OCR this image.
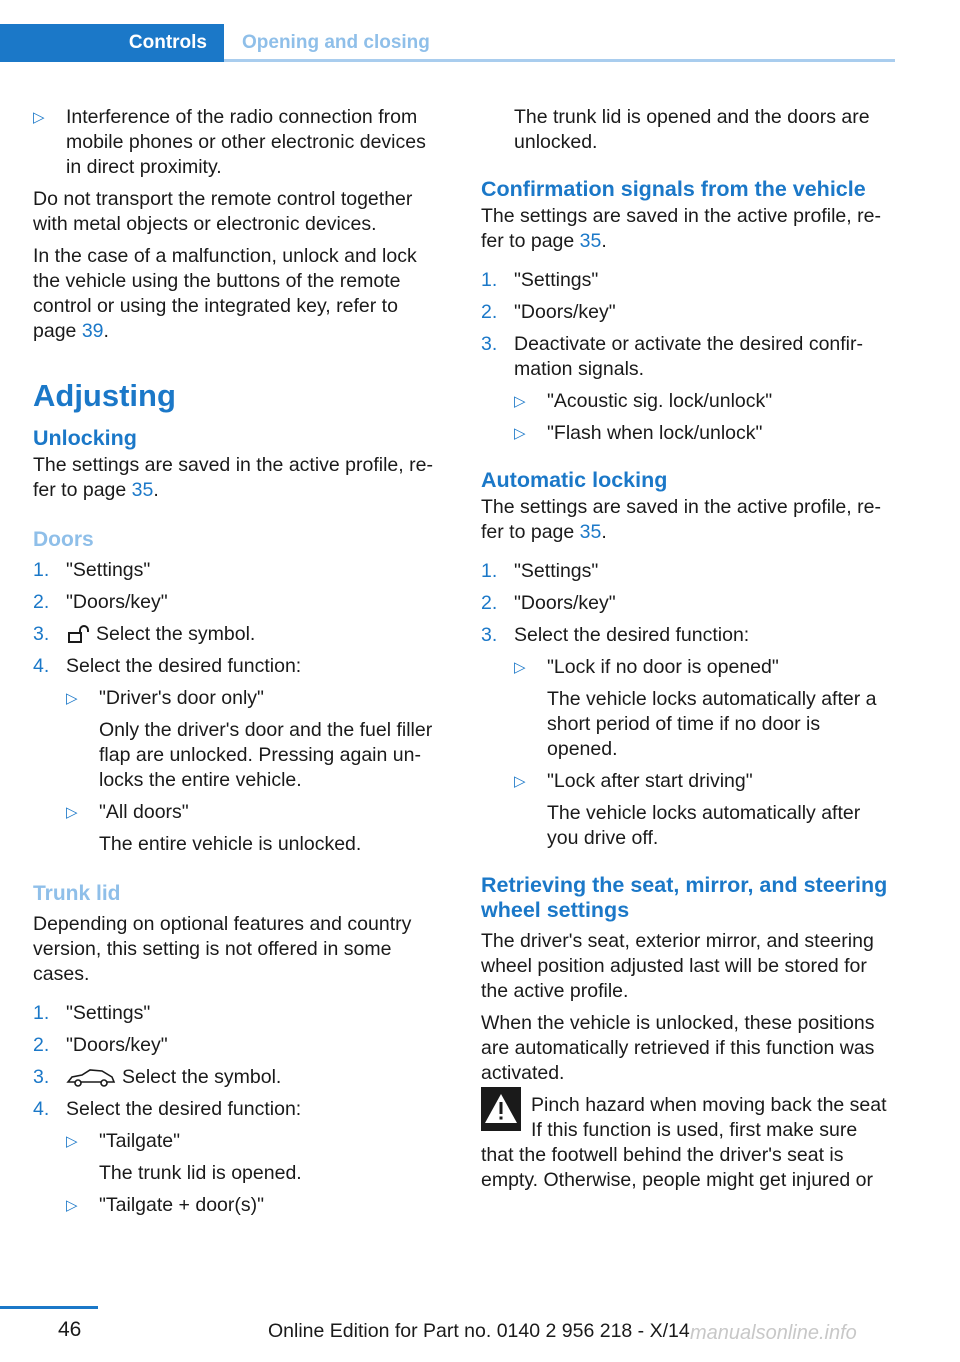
Controls Opening and closing
▷ Interference of the radio connection from mobile phones or other electronic devices in direct proximity.

Do not transport the remote control together with metal objects or electronic devices.

In the case of a malfunction, unlock and lock the vehicle using the buttons of the remote control or using the integrated key, refer to page 39.

Adjusting
Unlocking

The settings are saved in the active profile, re-fer to page 35.

Doors
1. "Settings"
2. "Doors/key"
3. Select the symbol.
4. Select the desired function:
▷ "Driver's door only"
Only the driver's door and the fuel filler flap are unlocked. Pressing again un-locks the entire vehicle.
▷ "All doors"
The entire vehicle is unlocked.
Trunk lid

Depending on optional features and country version, this setting is not offered in some cases.

1. "Settings"
2. "Doors/key"
3.	Select the symbol.
4. Select the desired function:
▷ "Tailgate"
The trunk lid is opened.
▷ "Tailgate + door(s)"
The trunk lid is opened and the doors are unlocked.
Confirmation signals from the vehicle

The settings are saved in the active profile, re-fer to page 35.

1. "Settings"
2. "Doors/key"
3. Deactivate or activate the desired confir-mation signals.
▷ "Acoustic sig. lock/unlock"
▷ "Flash when lock/unlock"
Automatic locking

The settings are saved in the active profile, re-fer to page 35.

1. "Settings"
2. "Doors/key"
3. Select the desired function:
▷ "Lock if no door is opened"
The vehicle locks automatically after a short period of time if no door is opened.
▷ "Lock after start driving"
The vehicle locks automatically after you drive off.
Retrieving the seat, mirror, and steering wheel settings

The driver's seat, exterior mirror, and steering wheel position adjusted last will be stored for the active profile.

When the vehicle is unlocked, these positions are automatically retrieved if this function was activated.

Pinch hazard when moving back the seat
If this function is used, first make sure

that the footwell behind the driver's seat is empty. Otherwise, people might get injured or

46	Online Edition for Part no. 0140 2 956 218 - X/14 manualsonline.info
